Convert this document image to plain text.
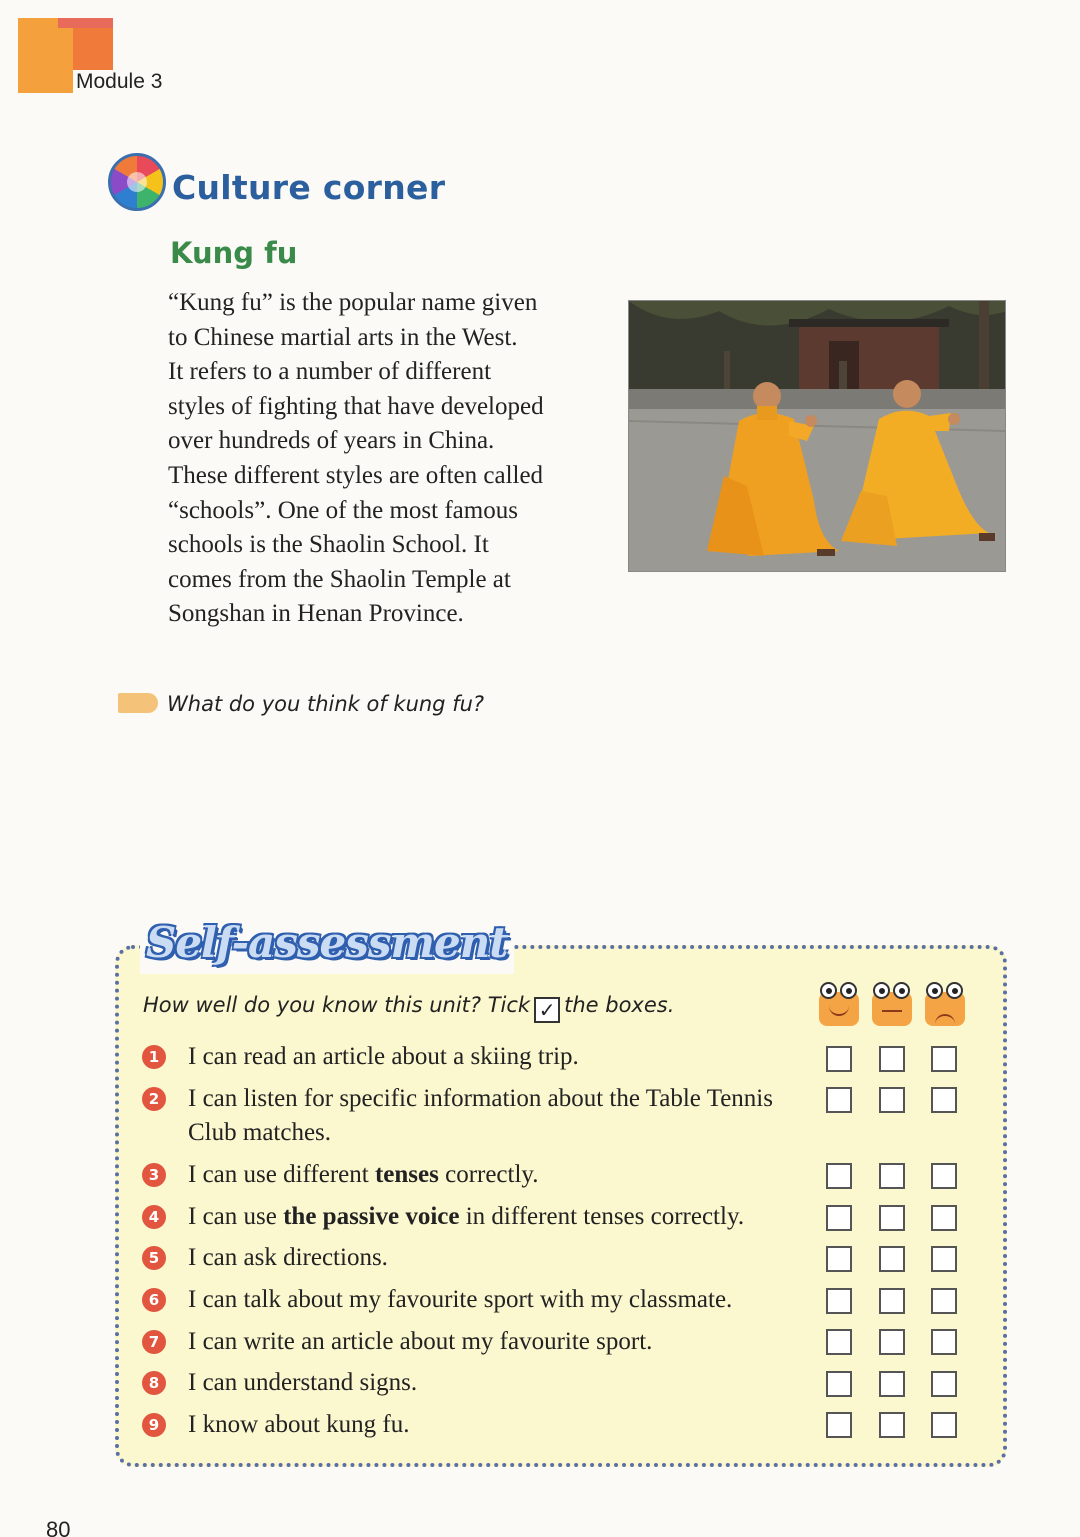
Module 3
Culture corner
Kung fu
“Kung fu” is the popular name given
to Chinese martial arts in the West.
It refers to a number of different
styles of fighting that have developed
over hundreds of years in China.
These different styles are often called
“schools”. One of the most famous
schools is the Shaolin School. It
comes from the Shaolin Temple at
Songshan in Henan Province.
What do you think of kung fu?
Self-assessment
How well do you know this unit? Tick ✓ the boxes.
1 I can read an article about a skiing trip.
2 I can listen for specific information about the Table Tennis Club matches.
3 I can use different tenses correctly.
4 I can use the passive voice in different tenses correctly.
5 I can ask directions.
6 I can talk about my favourite sport with my classmate.
7 I can write an article about my favourite sport.
8 I can understand signs.
9 I know about kung fu.
80
